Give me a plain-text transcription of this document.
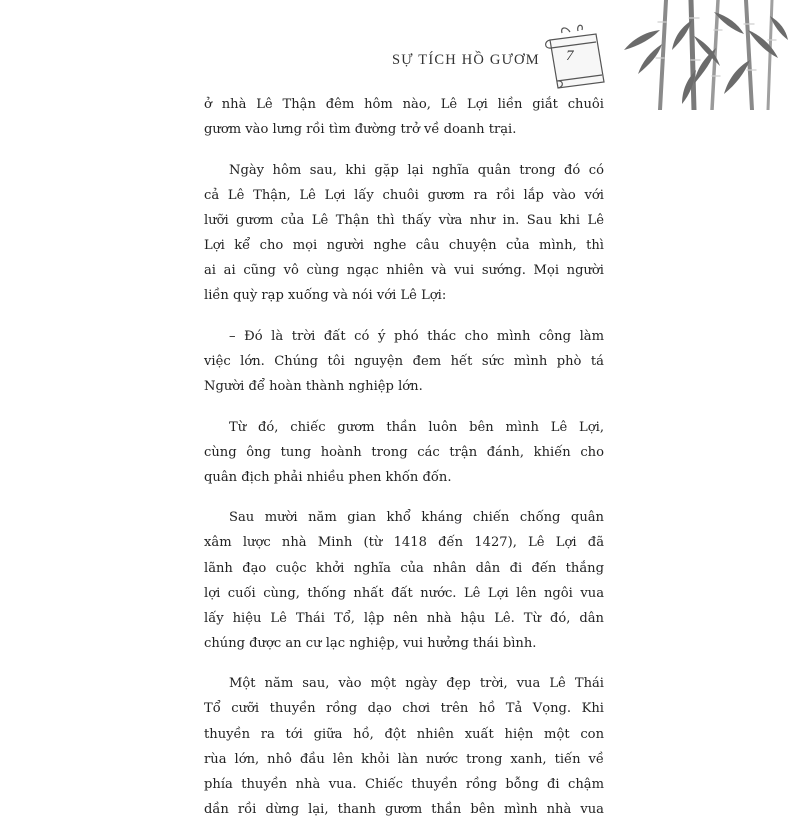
SỰ TÍCH HỒ GƯƠM 7

ở nhà Lê Thận đêm hôm nào, Lê Lợi liền giắt chuôi
gươm vào lưng rồi tìm đường trở về doanh trại.

Ngày hôm sau, khi gặp lại nghĩa quân trong đó có
cả Lê Thận, Lê Lợi lấy chuôi gươm ra rồi lắp vào với
lưỡi gươm của Lê Thận thì thấy vừa như in. Sau khi Lê
Lợi kể cho mọi người nghe câu chuyện của mình, thì
ai ai cũng vô cùng ngạc nhiên và vui sướng. Mọi người
liền quỳ rạp xuống và nói với Lê Lợi:

– Đó là trời đất có ý phó thác cho mình công làm
việc lớn. Chúng tôi nguyện đem hết sức mình phò tá
Người để hoàn thành nghiệp lớn.

Từ đó, chiếc gươm thần luôn bên mình Lê Lợi,
cùng ông tung hoành trong các trận đánh, khiến cho
quân địch phải nhiều phen khốn đốn.

Sau mười năm gian khổ kháng chiến chống quân
xâm lược nhà Minh (từ 1418 đến 1427), Lê Lợi đã
lãnh đạo cuộc khởi nghĩa của nhân dân đi đến thắng
lợi cuối cùng, thống nhất đất nước. Lê Lợi lên ngôi vua
lấy hiệu Lê Thái Tổ, lập nên nhà hậu Lê. Từ đó, dân
chúng được an cư lạc nghiệp, vui hưởng thái bình.

Một năm sau, vào một ngày đẹp trời, vua Lê Thái
Tổ cưỡi thuyền rồng dạo chơi trên hồ Tả Vọng. Khi
thuyền ra tới giữa hồ, đột nhiên xuất hiện một con
rùa lớn, nhô đầu lên khỏi làn nước trong xanh, tiến về
phía thuyền nhà vua. Chiếc thuyền rồng bỗng đi chậm
dần rồi dừng lại, thanh gươm thần bên mình nhà vua
